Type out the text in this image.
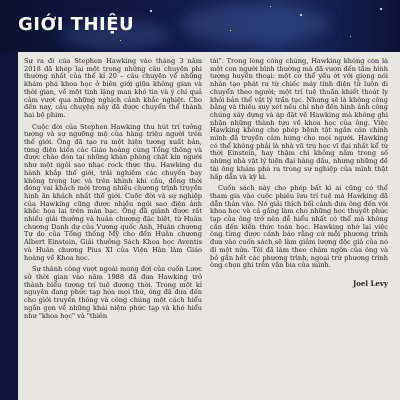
GIỚI THIỆU

Sự ra đi của Stephen Hawking vào tháng 3 năm 2018 đã khép lại một trong những câu chuyện phi thường nhất của thế kỉ 20 – câu chuyện về những khám phá khoa học ở biên giới giữa không gian và thời gian, về một tinh lặng man khó tin và ý chí quả cảm vượt qua những nghịch cảnh khắc nghiệt. Cho đến nay, câu chuyện này đã được chuyển thể thành hai bộ phim.

Cuộc đời của Stephen Hawking thu hút trí tưởng tượng và sự ngưỡng mộ của hàng triệu người trên thế giới. Ông đã tạo ra một hiện tượng xuất bản, từng điện kiến các Giáo hoàng cùng Tổng thống và được chào đón tại những khán phòng chật kín người như một ngôi sao nhạc rock thực thụ. Hawking du hành khắp thế giới, trải nghiệm các chuyến bay không trọng lực và trên khinh khí cầu, đồng thời đóng vai khách mời trong nhiều chương trình truyền hình ăn khách nhất thế giới. Cuộc đời và sự nghiệp của Hawking cũng được nhiều ngôi sao điện ảnh khắc họa lại trên màn bạc. Ông đã giành được rất nhiều giải thưởng và huân chương đặc biệt, từ Huân chương Danh dự của Vương quốc Anh, Huân chương Tự do của Tổng thống Mỹ cho đến Huân chương Albert Einstein, Giải thưởng Sách Khoa học Aventis và Huân chương Pius XI của Viện Hàn lâm Giáo hoàng về Khoa học.

Sự thành công vượt ngoài mong đợi của cuốn Lược sử thời gian vào năm 1988 đã đưa Hawking trở thành biểu tượng trí tuệ đương thời. Trong một kỉ nguyên đang phức tạp hóa mọi thứ, ông đã đưa đến cho giới truyền thông và công chúng một cách hiểu ngắn gọn về những khái niệm phức tạp và khó hiểu như "khoa học" và "thiên

tài". Trong lòng công chúng, Hawking không còn là một con người bình thường mà đã vươn đến tầm hình tượng huyền thoại: một cơ thể yếu ớt với giọng nói nhân tạo phát ra từ chiếc máy tính điện tử luôn di chuyển theo người; một trí tuệ thuần khiết thoát ly khỏi bản thể vật lý trần tục. Nhưng sẽ là không công bằng và thiếu suy xét nếu chỉ nhớ đến hình ảnh công chúng xây dựng và áp đặt về Hawking mà không ghi nhận những thành tựu về khoa học của ông. Việc Hawking không cho phép bệnh tật ngăn cản chính mình đã truyền cảm hứng cho mọi người. Hawking có thể không phải là nhà vũ trụ học vĩ đại nhất kể từ thời Einstein, hay thậm chí không nằm trong số những nhà vật lý hiện đại hàng đầu, nhưng những đề tài ông khám phá ra trong sự nghiệp của mình thật hấp dẫn và kỳ kì.

Cuốn sách này cho phép bất kì ai cũng có thể tham gia vào cuộc phiêu lưu trí tuệ mà Hawking đã dẫn thân vào. Nó giải thích bối cảnh đưa ông đến với khoa học và cả gắng làm cho những học thuyết phức tạp của ông trở nên dễ hiểu nhất có thể mà không cần đến kiến thức toán học. Hawking nhớ lại việc ông từng được cảnh báo rằng cứ mỗi phương trình đưa vào cuốn sách sẽ làm giảm lượng độc giả của nó đi một nửa. Tôi đã làm theo châm ngôn của ông và bỏ gần hết các phương trình, ngoại trừ phương trình ông chọn ghi trên văn bia của mình.

Joel Levy
